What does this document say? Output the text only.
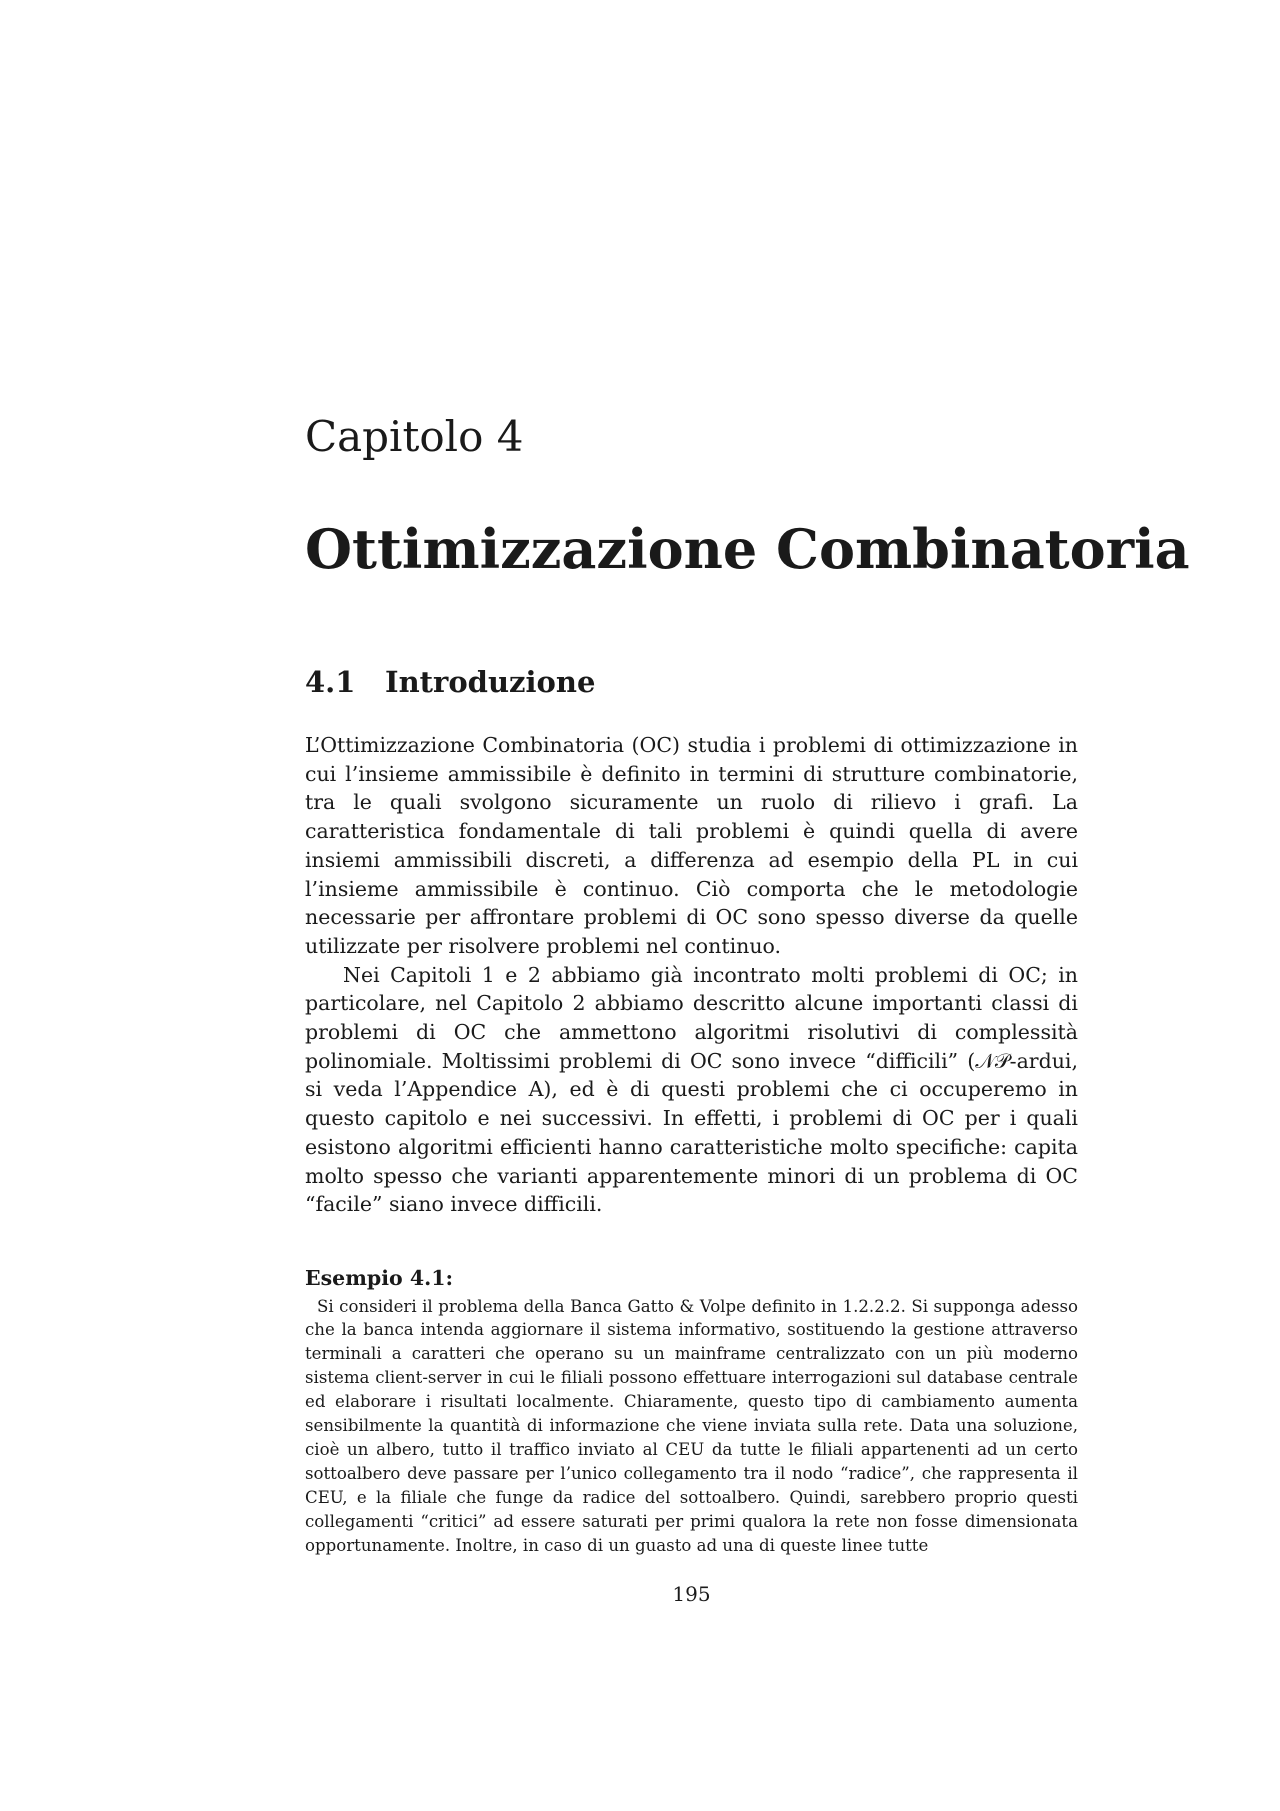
Capitolo 4
Ottimizzazione Combinatoria
4.1 Introduzione

L’Ottimizzazione Combinatoria (OC) studia i problemi di ottimizzazione in cui l’insieme ammissibile è definito in termini di strutture combinatorie, tra le quali svolgono sicuramente un ruolo di rilievo i grafi. La caratteristica fondamentale di tali problemi è quindi quella di avere insiemi ammissibili discreti, a differenza ad esempio della PL in cui l’insieme ammissibile è continuo. Ciò comporta che le metodologie necessarie per affrontare problemi di OC sono spesso diverse da quelle utilizzate per risolvere problemi nel continuo.

Nei Capitoli 1 e 2 abbiamo già incontrato molti problemi di OC; in particolare, nel Capitolo 2 abbiamo descritto alcune importanti classi di problemi di OC che ammettono algoritmi risolutivi di complessità polinomiale. Moltissimi problemi di OC sono invece “difficili” (𝒩𝒫-ardui, si veda l’Appendice A), ed è di questi problemi che ci occuperemo in questo capitolo e nei successivi. In effetti, i problemi di OC per i quali esistono algoritmi efficienti hanno caratteristiche molto specifiche: capita molto spesso che varianti apparentemente minori di un problema di OC “facile” siano invece difficili.

Esempio 4.1:

Si consideri il problema della Banca Gatto & Volpe definito in 1.2.2.2. Si supponga adesso che la banca intenda aggiornare il sistema informativo, sostituendo la gestione attraverso terminali a caratteri che operano su un mainframe centralizzato con un più moderno sistema client-server in cui le filiali possono effettuare interrogazioni sul database centrale ed elaborare i risultati localmente. Chiaramente, questo tipo di cambiamento aumenta sensibilmente la quantità di informazione che viene inviata sulla rete. Data una soluzione, cioè un albero, tutto il traffico inviato al CEU da tutte le filiali appartenenti ad un certo sottoalbero deve passare per l’unico collegamento tra il nodo “radice”, che rappresenta il CEU, e la filiale che funge da radice del sottoalbero. Quindi, sarebbero proprio questi collegamenti “critici” ad essere saturati per primi qualora la rete non fosse dimensionata opportunamente. Inoltre, in caso di un guasto ad una di queste linee tutte

195
